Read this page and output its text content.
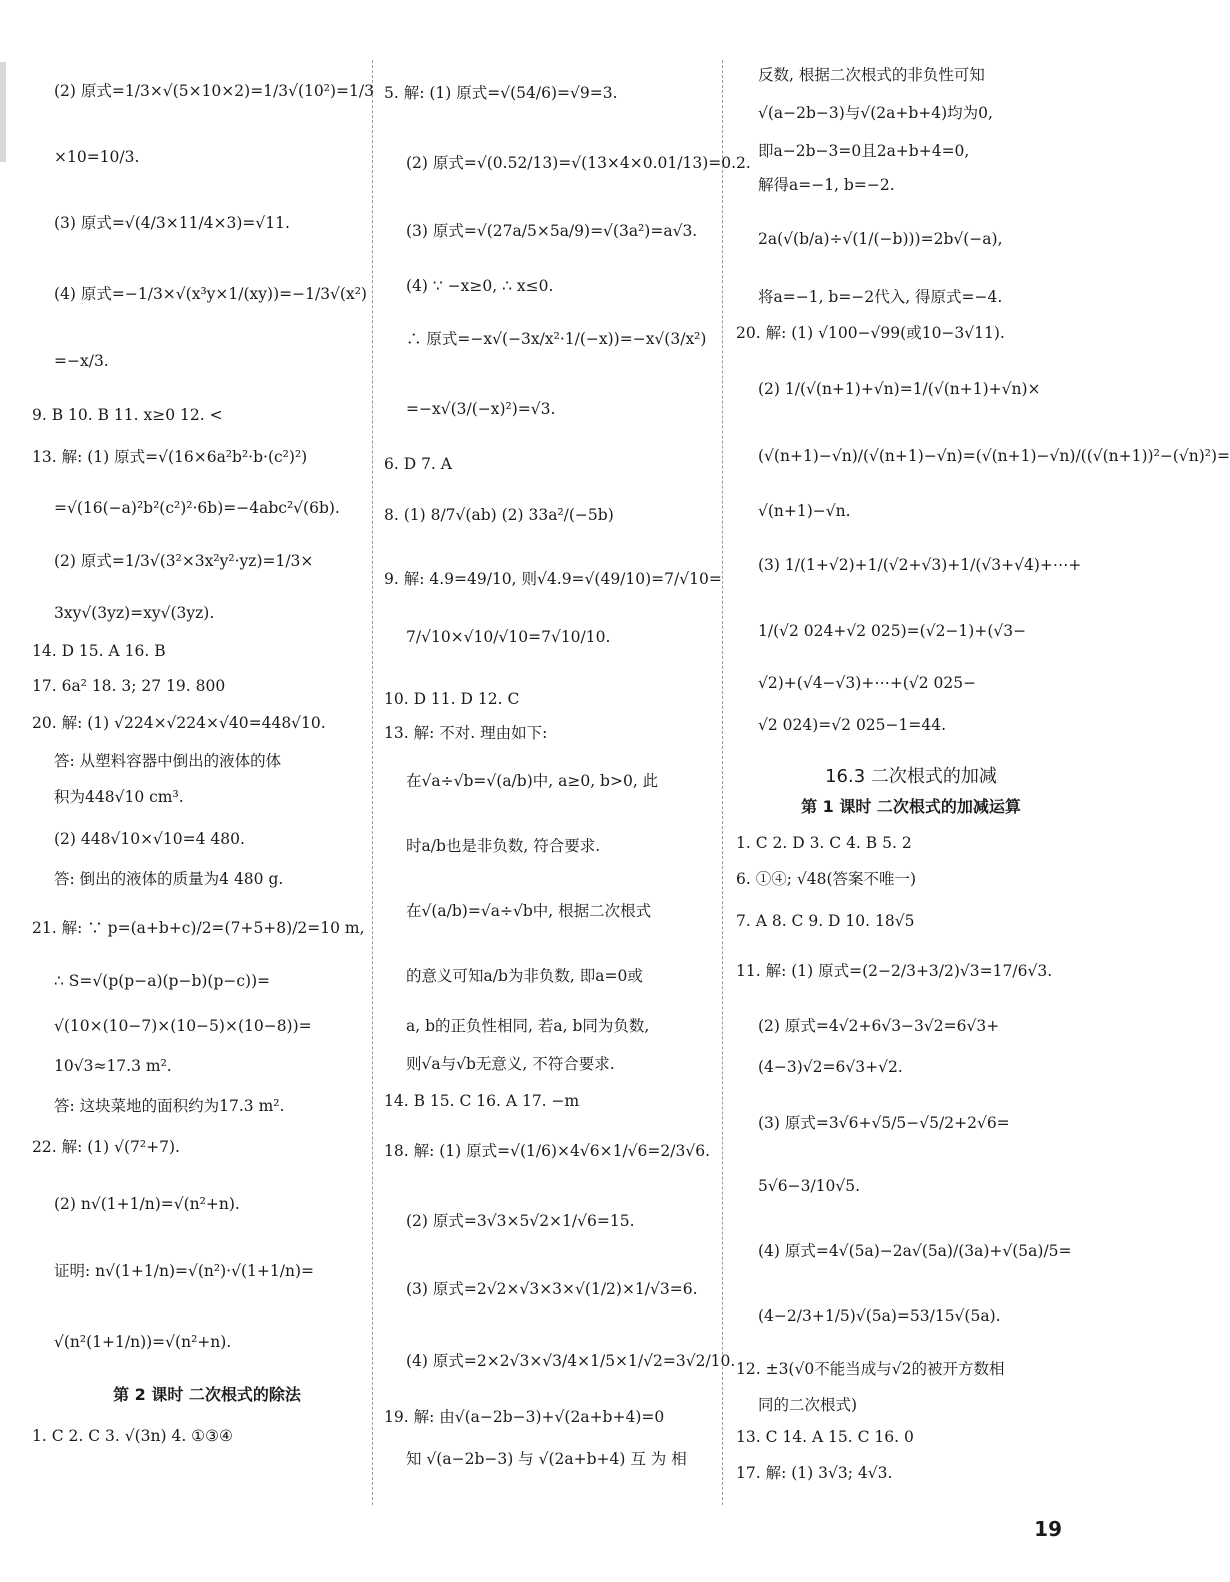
(2) 原式=1/3×√(5×10×2)=1/3√(10²)=1/3
×10=10/3.
(3) 原式=√(4/3×11/4×3)=√11.
(4) 原式=−1/3×√(x³y×1/(xy))=−1/3√(x²)
=−x/3.
9. B 10. B 11. x≥0 12. <
13. 解: (1) 原式=√(16×6a²b²·b·(c²)²)
=√(16(−a)²b²(c²)²·6b)=−4abc²√(6b).
(2) 原式=1/3√(3²×3x²y²·yz)=1/3×
3xy√(3yz)=xy√(3yz).
14. D 15. A 16. B
17. 6a² 18. 3; 27 19. 800
20. 解: (1) √224×√224×√40=448√10.
答: 从塑料容器中倒出的液体的体
积为448√10 cm³.
(2) 448√10×√10=4 480.
答: 倒出的液体的质量为4 480 g.
21. 解: ∵ p=(a+b+c)/2=(7+5+8)/2=10 m,
∴ S=√(p(p−a)(p−b)(p−c))=
√(10×(10−7)×(10−5)×(10−8))=
10√3≈17.3 m².
答: 这块菜地的面积约为17.3 m².
22. 解: (1) √(7²+7).
(2) n√(1+1/n)=√(n²+n).
证明: n√(1+1/n)=√(n²)·√(1+1/n)=
√(n²(1+1/n))=√(n²+n).
第 2 课时 二次根式的除法
1. C 2. C 3. √(3n) 4. ①③④
5. 解: (1) 原式=√(54/6)=√9=3.
(2) 原式=√(0.52/13)=√(13×4×0.01/13)=0.2.
(3) 原式=√(27a/5×5a/9)=√(3a²)=a√3.
(4) ∵ −x≥0, ∴ x≤0.
∴ 原式=−x√(−3x/x²·1/(−x))=−x√(3/x²)
=−x√(3/(−x)²)=√3.
6. D 7. A
8. (1) 8/7√(ab) (2) 33a²/(−5b)
9. 解: 4.9=49/10, 则√4.9=√(49/10)=7/√10=
7/√10×√10/√10=7√10/10.
10. D 11. D 12. C
13. 解: 不对. 理由如下:
在√a÷√b=√(a/b)中, a≥0, b>0, 此
时a/b也是非负数, 符合要求.
在√(a/b)=√a÷√b中, 根据二次根式
的意义可知a/b为非负数, 即a=0或
a, b的正负性相同, 若a, b同为负数,
则√a与√b无意义, 不符合要求.
14. B 15. C 16. A 17. −m
18. 解: (1) 原式=√(1/6)×4√6×1/√6=2/3√6.
(2) 原式=3√3×5√2×1/√6=15.
(3) 原式=2√2×√3×3×√(1/2)×1/√3=6.
(4) 原式=2×2√3×√3/4×1/5×1/√2=3√2/10.
19. 解: 由√(a−2b−3)+√(2a+b+4)=0
知 √(a−2b−3) 与 √(2a+b+4) 互 为 相
反数, 根据二次根式的非负性可知
√(a−2b−3)与√(2a+b+4)均为0,
即a−2b−3=0且2a+b+4=0,
解得a=−1, b=−2.
2a(√(b/a)÷√(1/(−b)))=2b√(−a),
将a=−1, b=−2代入, 得原式=−4.
20. 解: (1) √100−√99(或10−3√11).
(2) 1/(√(n+1)+√n)=1/(√(n+1)+√n)×
(√(n+1)−√n)/(√(n+1)−√n)=(√(n+1)−√n)/((√(n+1))²−(√n)²)=
√(n+1)−√n.
(3) 1/(1+√2)+1/(√2+√3)+1/(√3+√4)+⋯+
1/(√2 024+√2 025)=(√2−1)+(√3−
√2)+(√4−√3)+⋯+(√2 025−
√2 024)=√2 025−1=44.
16.3 二次根式的加减
第 1 课时 二次根式的加减运算
1. C 2. D 3. C 4. B 5. 2
6. ①④; √48(答案不唯一)
7. A 8. C 9. D 10. 18√5
11. 解: (1) 原式=(2−2/3+3/2)√3=17/6√3.
(2) 原式=4√2+6√3−3√2=6√3+
(4−3)√2=6√3+√2.
(3) 原式=3√6+√5/5−√5/2+2√6=
5√6−3/10√5.
(4) 原式=4√(5a)−2a√(5a)/(3a)+√(5a)/5=
(4−2/3+1/5)√(5a)=53/15√(5a).
12. ±3(√0不能当成与√2的被开方数相
同的二次根式)
13. C 14. A 15. C 16. 0
17. 解: (1) 3√3; 4√3.
19
